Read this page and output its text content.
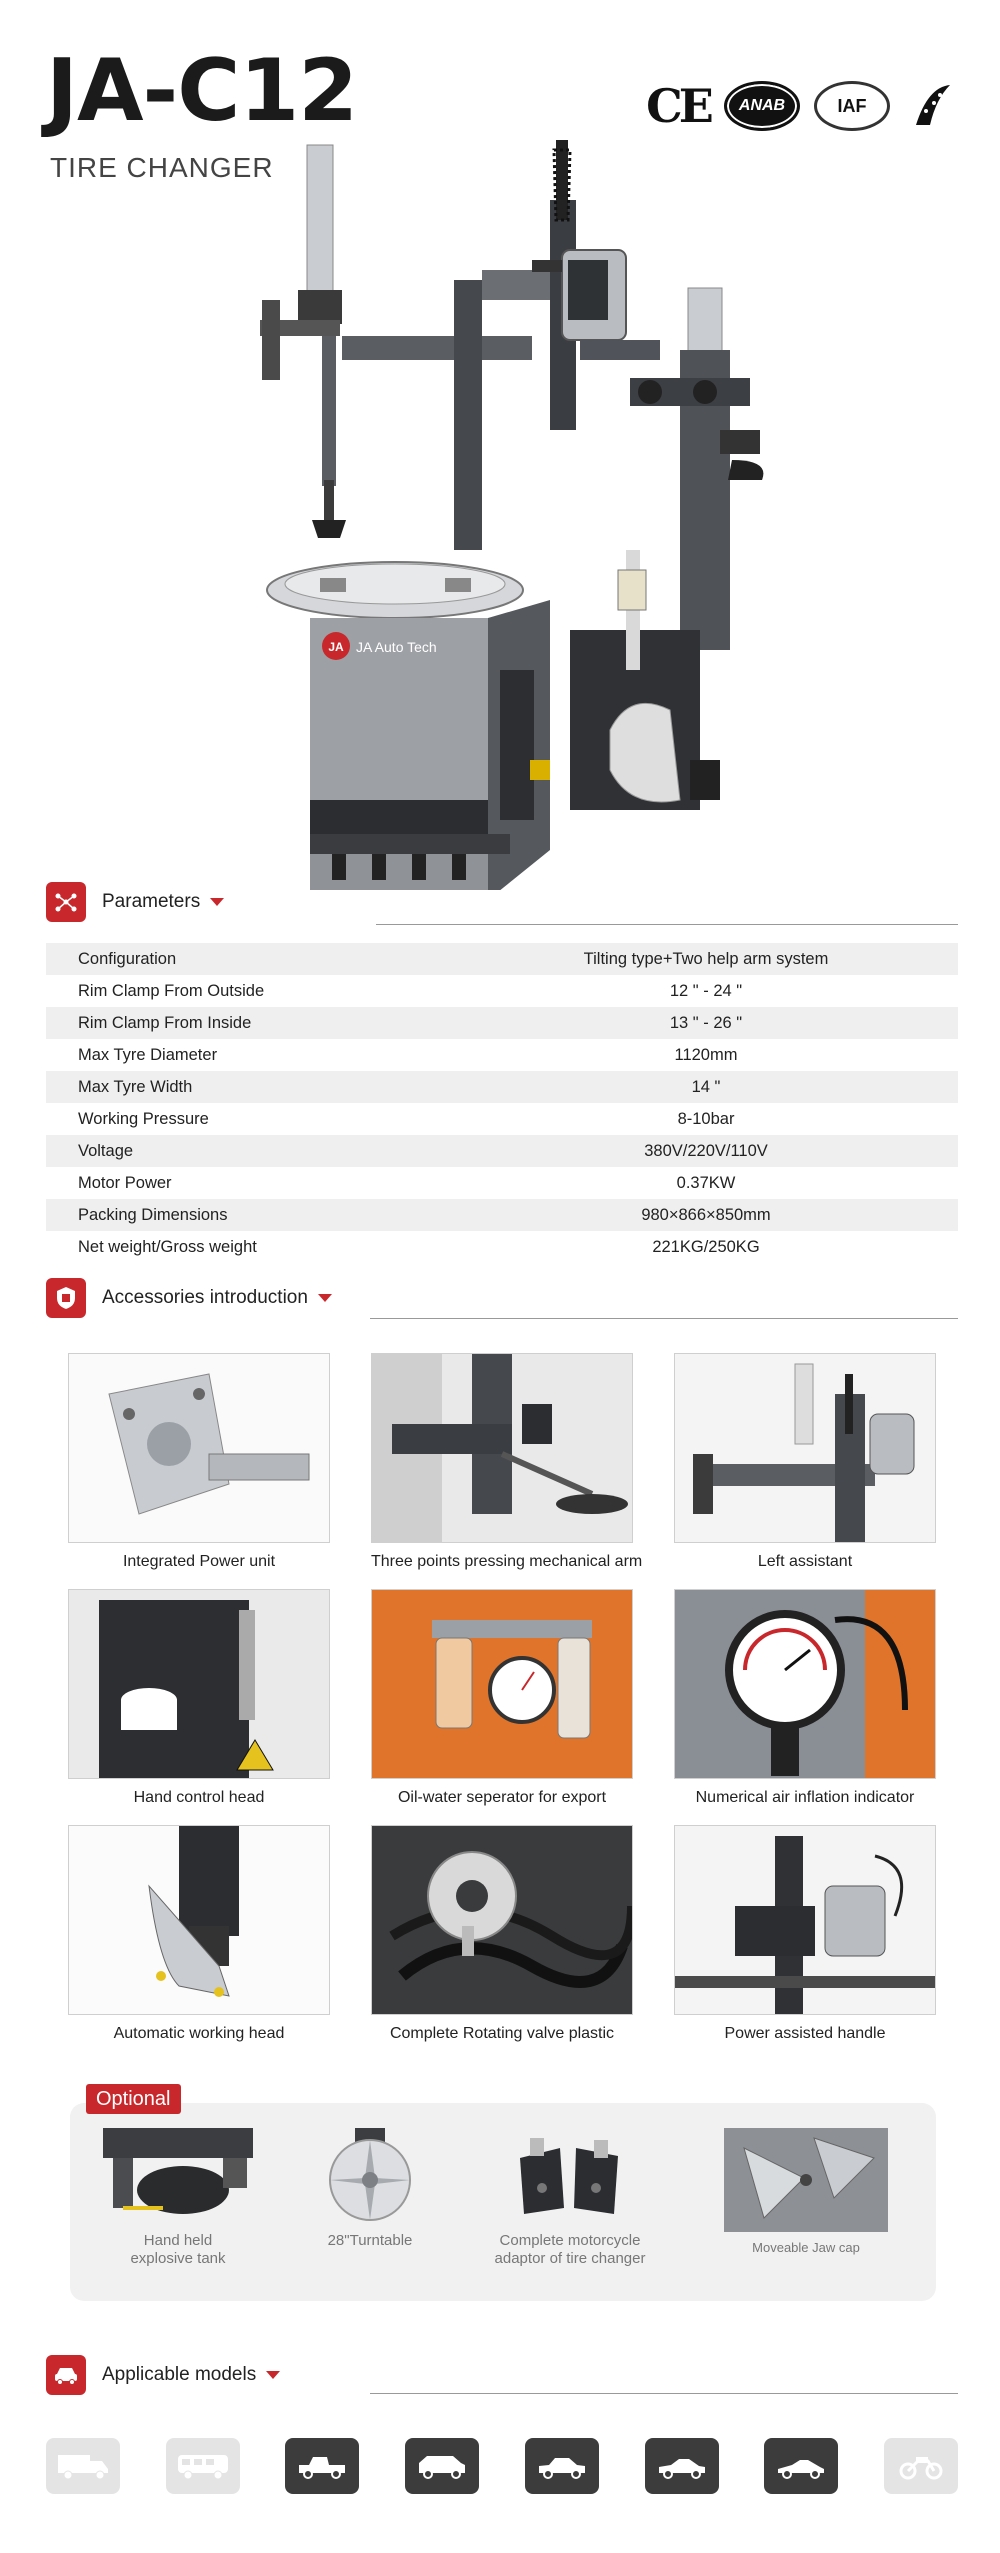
JA-C12
TIRE CHANGER
CE	ANAB	IAF
JA JA Auto Tech
Parameters
Configuration	Tilting type+Two help arm system
Rim Clamp From Outside	12 " - 24 "
Rim Clamp From Inside	13 " - 26 "
Max Tyre Diameter	1120mm
Max Tyre Width	14 "
Working Pressure	8-10bar
Voltage	380V/220V/110V
Motor Power	0.37KW
Packing Dimensions	980×866×850mm
Net weight/Gross weight	221KG/250KG
Accessories introduction
Integrated Power unit	Three points pressing mechanical arm	Left assistant
Hand control head	Oil-water seperator for export	Numerical air inflation indicator
Automatic working head	Complete Rotating valve plastic	Power assisted handle
Optional
Hand held
explosive tank
28"Turntable	Complete motorcycle
adaptor of tire changer
Moveable Jaw cap
Applicable models
